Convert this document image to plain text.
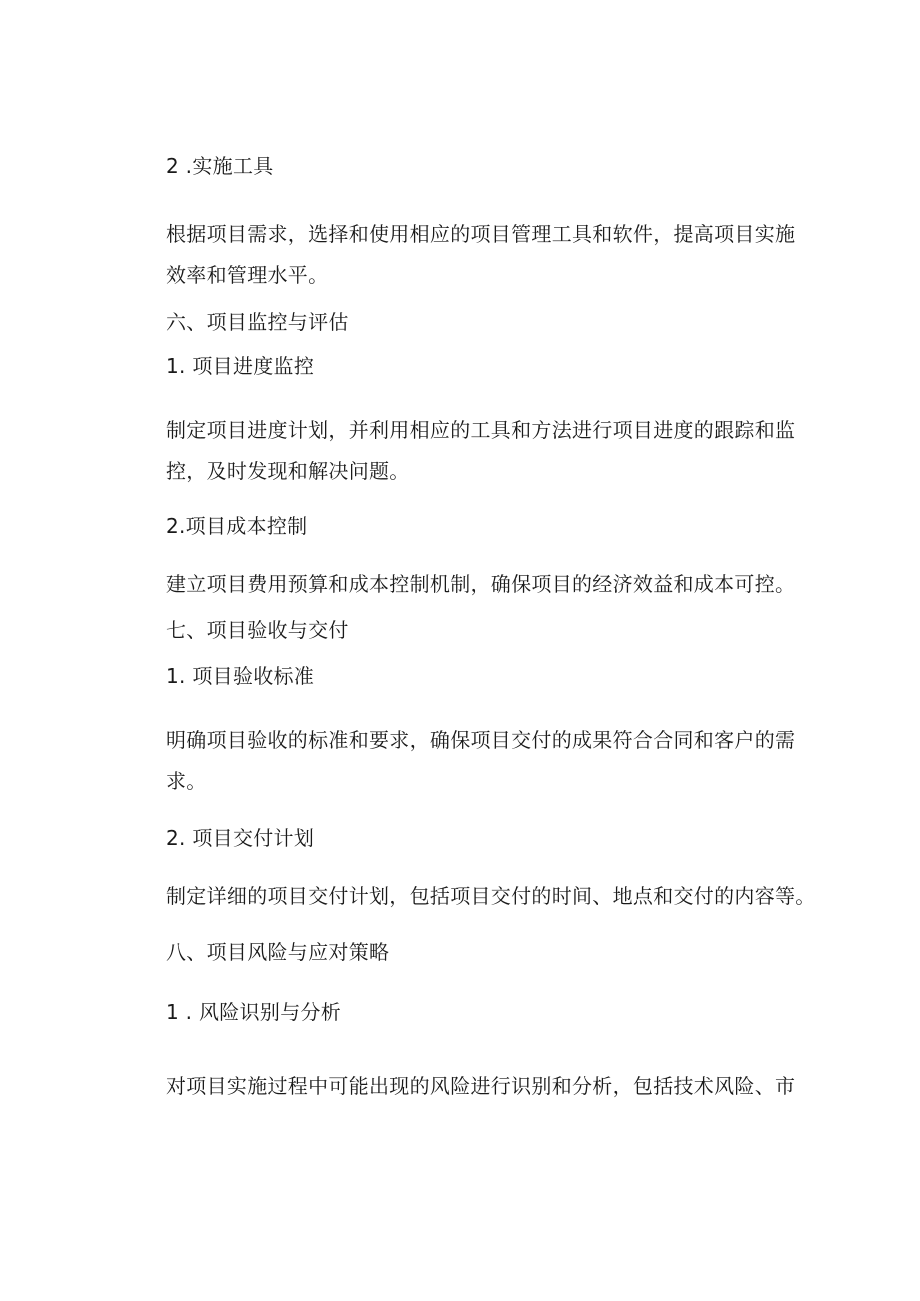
2 .实施工具
根据项目需求，选择和使用相应的项目管理工具和软件，提高项目实施效率和管理水平。
六、项目监控与评估
1. 项目进度监控
制定项目进度计划，并利用相应的工具和方法进行项目进度的跟踪和监控，及时发现和解决问题。
2.项目成本控制
建立项目费用预算和成本控制机制，确保项目的经济效益和成本可控。
七、项目验收与交付
1. 项目验收标准
明确项目验收的标准和要求，确保项目交付的成果符合合同和客户的需求。
2. 项目交付计划
制定详细的项目交付计划，包括项目交付的时间、地点和交付的内容等。
八、项目风险与应对策略
1 . 风险识别与分析
对项目实施过程中可能出现的风险进行识别和分析，包括技术风险、市
